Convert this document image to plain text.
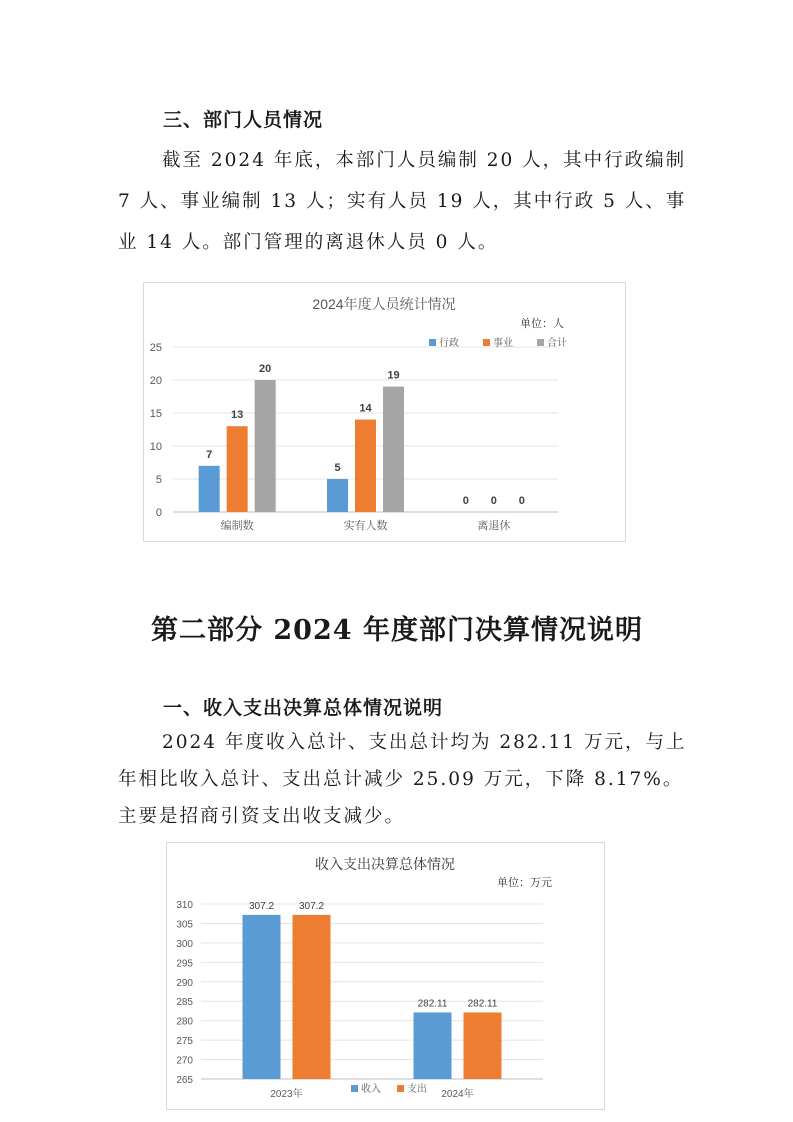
三、部门人员情况
截至 2024 年底，本部门人员编制 20 人，其中行政编制
7 人、事业编制 13 人；实有人员 19 人，其中行政 5 人、事
业 14 人。部门管理的离退休人员 0 人。
2024年度人员统计情况
单位：人
0
5
10
15
20
25
编制数
7
13
20
实有人数
5
14
19
离退休
0 0 0
行政	事业	合计
第二部分 2024 年度部门决算情况说明
一、收入支出决算总体情况说明
2024 年度收入总计、支出总计均为 282.11 万元，与上
年相比收入总计、支出总计减少 25.09 万元，下降 8.17%。
主要是招商引资支出收支减少。
收入支出决算总体情况
单位：万元
265
270
275
280
285
290
295
300
305
310
2023年
307.2 307.2
2024年
282.11 282.11
收入	支出
